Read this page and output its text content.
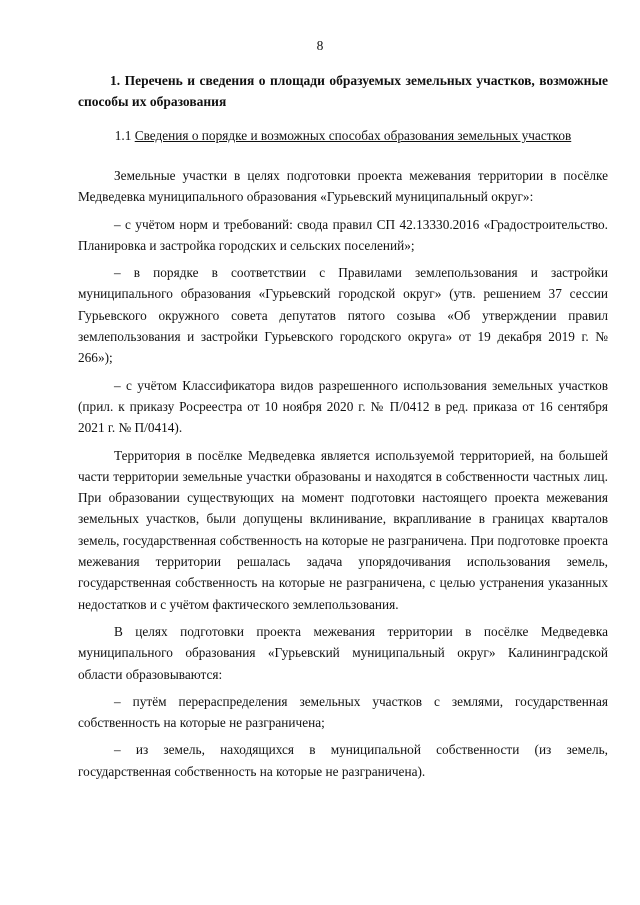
8
1. Перечень и сведения о площади образуемых земельных участков, возможные способы их образования
1.1 Сведения о порядке и возможных способах образования земельных участков

Земельные участки в целях подготовки проекта межевания территории в посёлке Медведевка муниципального образования «Гурьевский муниципальный округ»:

– с учётом норм и требований: свода правил СП 42.13330.2016 «Градостроительство. Планировка и застройка городских и сельских поселений»;

– в порядке в соответствии с Правилами землепользования и застройки муниципального образования «Гурьевский городской округ» (утв. решением 37 сессии Гурьевского окружного совета депутатов пятого созыва «Об утверждении правил землепользования и застройки Гурьевского городского округа» от 19 декабря 2019 г. № 266»);

– с учётом Классификатора видов разрешенного использования земельных участков (прил. к приказу Росреестра от 10 ноября 2020 г. № П/0412 в ред. приказа от 16 сентября 2021 г. № П/0414).

Территория в посёлке Медведевка является используемой территорией, на большей части территории земельные участки образованы и находятся в собственности частных лиц. При образовании существующих на момент подготовки настоящего проекта межевания земельных участков, были допущены вклинивание, вкрапливание в границах кварталов земель, государственная собственность на которые не разграничена. При подготовке проекта межевания территории решалась задача упорядочивания использования земель, государственная собственность на которые не разграничена, с целью устранения указанных недостатков и с учётом фактического землепользования.

В целях подготовки проекта межевания территории в посёлке Медведевка муниципального образования «Гурьевский муниципальный округ» Калининградской области образовываются:

– путём перераспределения земельных участков с землями, государственная собственность на которые не разграничена;

– из земель, находящихся в муниципальной собственности (из земель, государственная собственность на которые не разграничена).
